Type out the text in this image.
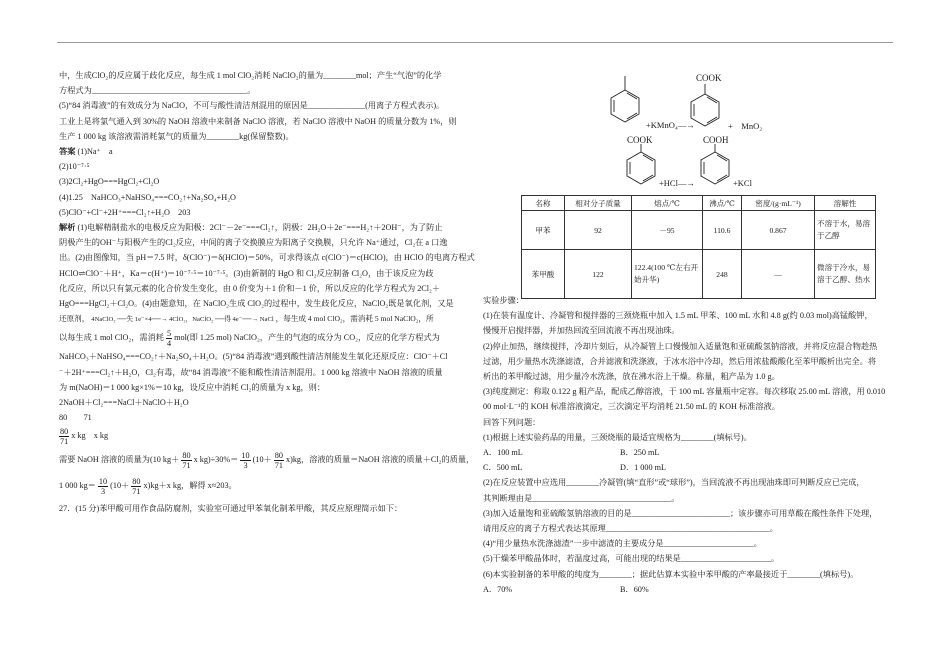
中，生成ClO₂的反应属于歧化反应，每生成 1 mol ClO₂消耗 NaClO₂的量为________mol；产生“气泡”的化学
方程式为______________________________________。
(5)“84 消毒液”的有效成分为 NaClO，不可与酸性清洁剂混用的原因是______________(用离子方程式表示)。
工业上是将氯气通入到 30%的 NaOH 溶液中来制备 NaClO 溶液，若 NaClO 溶液中 NaOH 的质量分数为 1%，则
生产 1 000 kg 该溶液需消耗氯气的质量为________kg(保留整数)。
答案 (1)Na⁺　a
(2)10⁻⁷·⁵
(3)2Cl₂+HgO===HgCl₂+Cl₂O
(4)1.25　NaHCO₃+NaHSO₄===CO₂↑+Na₂SO₄+H₂O
(5)ClO⁻+Cl⁻+2H⁺===Cl₂↑+H₂O　203
解析 (1)电解精制盐水的电极反应为阳极：2Cl⁻－2e⁻===Cl₂↑，阴极：2H₂O＋2e⁻===H₂↑＋2OH⁻，为了防止
阴极产生的OH⁻与阳极产生的Cl₂反应，中间的离子交换膜应为阳离子交换膜，只允许 Na⁺通过，Cl₂在 a 口逸
出。(2)由图像知，当 pH＝7.5 时，δ(ClO⁻)＝δ(HClO)＝50%，可求得该点 c(ClO⁻)＝c(HClO)，由 HClO 的电离方程式
HClO⇌ClO⁻＋H⁺，Ka＝c(H⁺)＝10⁻⁷·⁵＝10⁻⁷·⁵。(3)由新制的 HgO 和 Cl₂反应制备 Cl₂O，由于该反应为歧
化反应，所以只有氯元素的化合价发生变化，由 0 价变为＋1 价和－1 价，所以反应的化学方程式为 2Cl₂＋
HgO===HgCl₂＋Cl₂O。(4)由题意知，在 NaClO₂生成 ClO₂的过程中，发生歧化反应，NaClO₂既是氧化剂，又是
还原剂， 4NaClO₂ ──失 1e⁻×4──→ 4ClO₂，NaClO₂ ──得 4e⁻──→ NaCl ，每生成 4 mol ClO₂，需消耗 5 mol NaClO₂，所
以每生成 1 mol ClO₂，需消耗 $\frac{5}{4} mol$(即 1.25 mol) NaClO₂，产生的气泡的成分为 CO₂，反应的化学方程式为
NaHCO₃＋NaHSO₄===CO₂↑＋Na₂SO₄＋H₂O。(5)“84 消毒液”遇到酸性清洁剂能发生氧化还原反应：ClO⁻＋Cl
⁻＋2H⁺===Cl₂↑＋H₂O，Cl₂有毒，故“84 消毒液”不能和酸性清洁剂混用。1 000 kg 溶液中 NaOH 溶液的质量
为 m(NaOH)＝1 000 kg×1%＝10 kg，设反应中消耗 Cl₂的质量为 x kg，则：
2NaOH＋Cl₂===NaCl＋NaClO＋H₂O
80　　71
$\frac{80}{71}$ x kg　x kg
需要 NaOH 溶液的质量为(10 $kg+ \frac{80}{71}$ x $kg)\div 30\%= \frac{10}{3} (10+ \frac{80}{71} x)kg$，溶液的质量＝NaOH 溶液的质量＋Cl₂的质量，
1 000 $kg= \frac{10}{3} (10+ \frac{80}{71} x)kg+x$ kg，解得 x≈203。
27．(15 分)苯甲酸可用作食品防腐剂，实验室可通过甲苯氧化制苯甲酸，其反应原理简示如下：
COOK
+KMnO₄—→	+　MnO₂
COOK	COOH
+HCl—→	+KCl
名称	相对分子质量	熔点/℃	沸点/℃	密度/(g·mL⁻¹)	溶解性
甲苯	92	－95	110.6	0.867	不溶于水，易溶于乙醇
苯甲酸	122	122.4(100 ℃左右开始升华)	248	—	微溶于冷水，易溶于乙醇、热水
实验步骤：
(1)在装有温度计、冷凝管和搅拌器的三颈烧瓶中加入 1.5 mL 甲苯、100 mL 水和 4.8 g(约 0.03 mol)高锰酸钾，
慢慢开启搅拌器，并加热回流至回流液不再出现油珠。
(2)停止加热，继续搅拌，冷却片刻后，从冷凝管上口慢慢加入适量饱和亚硫酸氢钠溶液，并将反应混合物趁热
过滤，用少量热水洗涤滤渣，合并滤液和洗涤液，于冰水浴中冷却，然后用浓盐酸酸化至苯甲酸析出完全。将
析出的苯甲酸过滤，用少量冷水洗涤，放在沸水浴上干燥。称量，粗产品为 1.0 g。
(3)纯度测定：称取 0.122 g 粗产品，配成乙醇溶液，于 100 mL 容量瓶中定容。每次移取 25.00 mL 溶液，用 0.010
00 mol·L⁻¹的 KOH 标准溶液滴定，三次滴定平均消耗 21.50 mL 的 KOH 标准溶液。
回答下列问题：
(1)根据上述实验药品的用量，三颈烧瓶的最适宜规格为________(填标号)。
A．100 mL	B．250 mL
C．500 mL	D．1 000 mL
(2)在反应装置中应选用________冷凝管(填“直形”或“球形”)，当回流液不再出现油珠即可判断反应已完成，
其判断理由是__________________________________。
(3)加入适量饱和亚硫酸氢钠溶液的目的是________________________；该步骤亦可用草酸在酸性条件下处理，
请用反应的离子方程式表达其原理________________________________________。
(4)“用少量热水洗涤滤渣”一步中滤渣的主要成分是______________________。
(5)干燥苯甲酸晶体时，若温度过高，可能出现的结果是______________________。
(6)本实验制备的苯甲酸的纯度为________；据此估算本实验中苯甲酸的产率最接近于________(填标号)。
A．70%	B．60%
